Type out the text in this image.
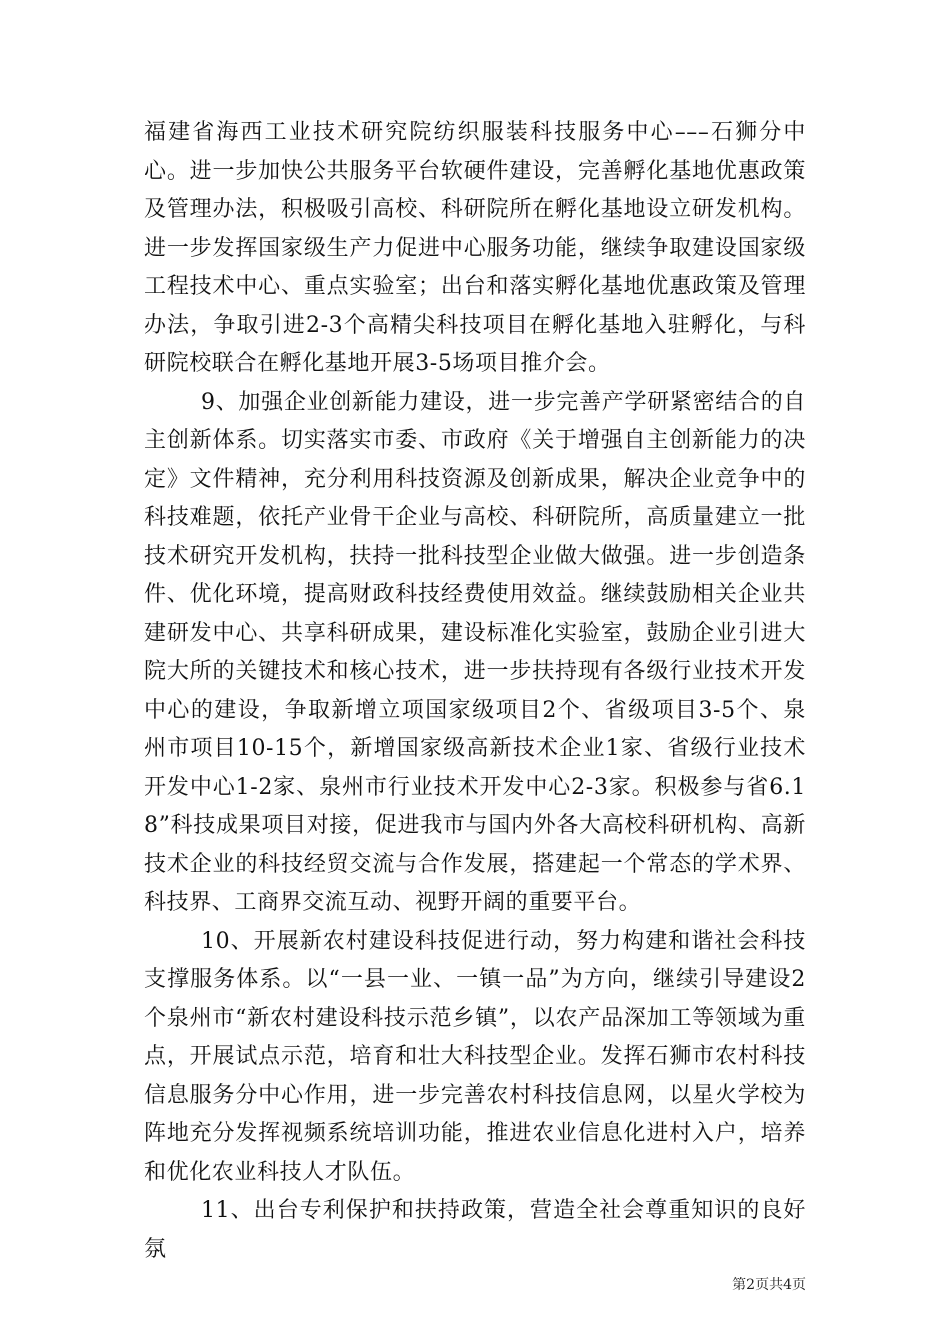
福建省海西工业技术研究院纺织服装科技服务中心–––石狮分中心。进一步加快公共服务平台软硬件建设，完善孵化基地优惠政策及管理办法，积极吸引高校、科研院所在孵化基地设立研发机构。进一步发挥国家级生产力促进中心服务功能，继续争取建设国家级工程技术中心、重点实验室；出台和落实孵化基地优惠政策及管理办法，争取引进2-3个高精尖科技项目在孵化基地入驻孵化，与科研院校联合在孵化基地开展3-5场项目推介会。

9、加强企业创新能力建设，进一步完善产学研紧密结合的自主创新体系。切实落实市委、市政府《关于增强自主创新能力的决定》文件精神，充分利用科技资源及创新成果，解决企业竞争中的科技难题，依托产业骨干企业与高校、科研院所，高质量建立一批技术研究开发机构，扶持一批科技型企业做大做强。进一步创造条件、优化环境，提高财政科技经费使用效益。继续鼓励相关企业共建研发中心、共享科研成果，建设标准化实验室，鼓励企业引进大院大所的关键技术和核心技术，进一步扶持现有各级行业技术开发中心的建设，争取新增立项国家级项目2个、省级项目3-5个、泉州市项目10-15个，新增国家级高新技术企业1家、省级行业技术开发中心1-2家、泉州市行业技术开发中心2-3家。积极参与省6.18”科技成果项目对接，促进我市与国内外各大高校科研机构、高新技术企业的科技经贸交流与合作发展，搭建起一个常态的学术界、科技界、工商界交流互动、视野开阔的重要平台。

10、开展新农村建设科技促进行动，努力构建和谐社会科技支撑服务体系。以“一县一业、一镇一品”为方向，继续引导建设2个泉州市“新农村建设科技示范乡镇”，以农产品深加工等领域为重点，开展试点示范，培育和壮大科技型企业。发挥石狮市农村科技信息服务分中心作用，进一步完善农村科技信息网，以星火学校为阵地充分发挥视频系统培训功能，推进农业信息化进村入户，培养和优化农业科技人才队伍。

11、出台专利保护和扶持政策，营造全社会尊重知识的良好氛

第2页共4页
